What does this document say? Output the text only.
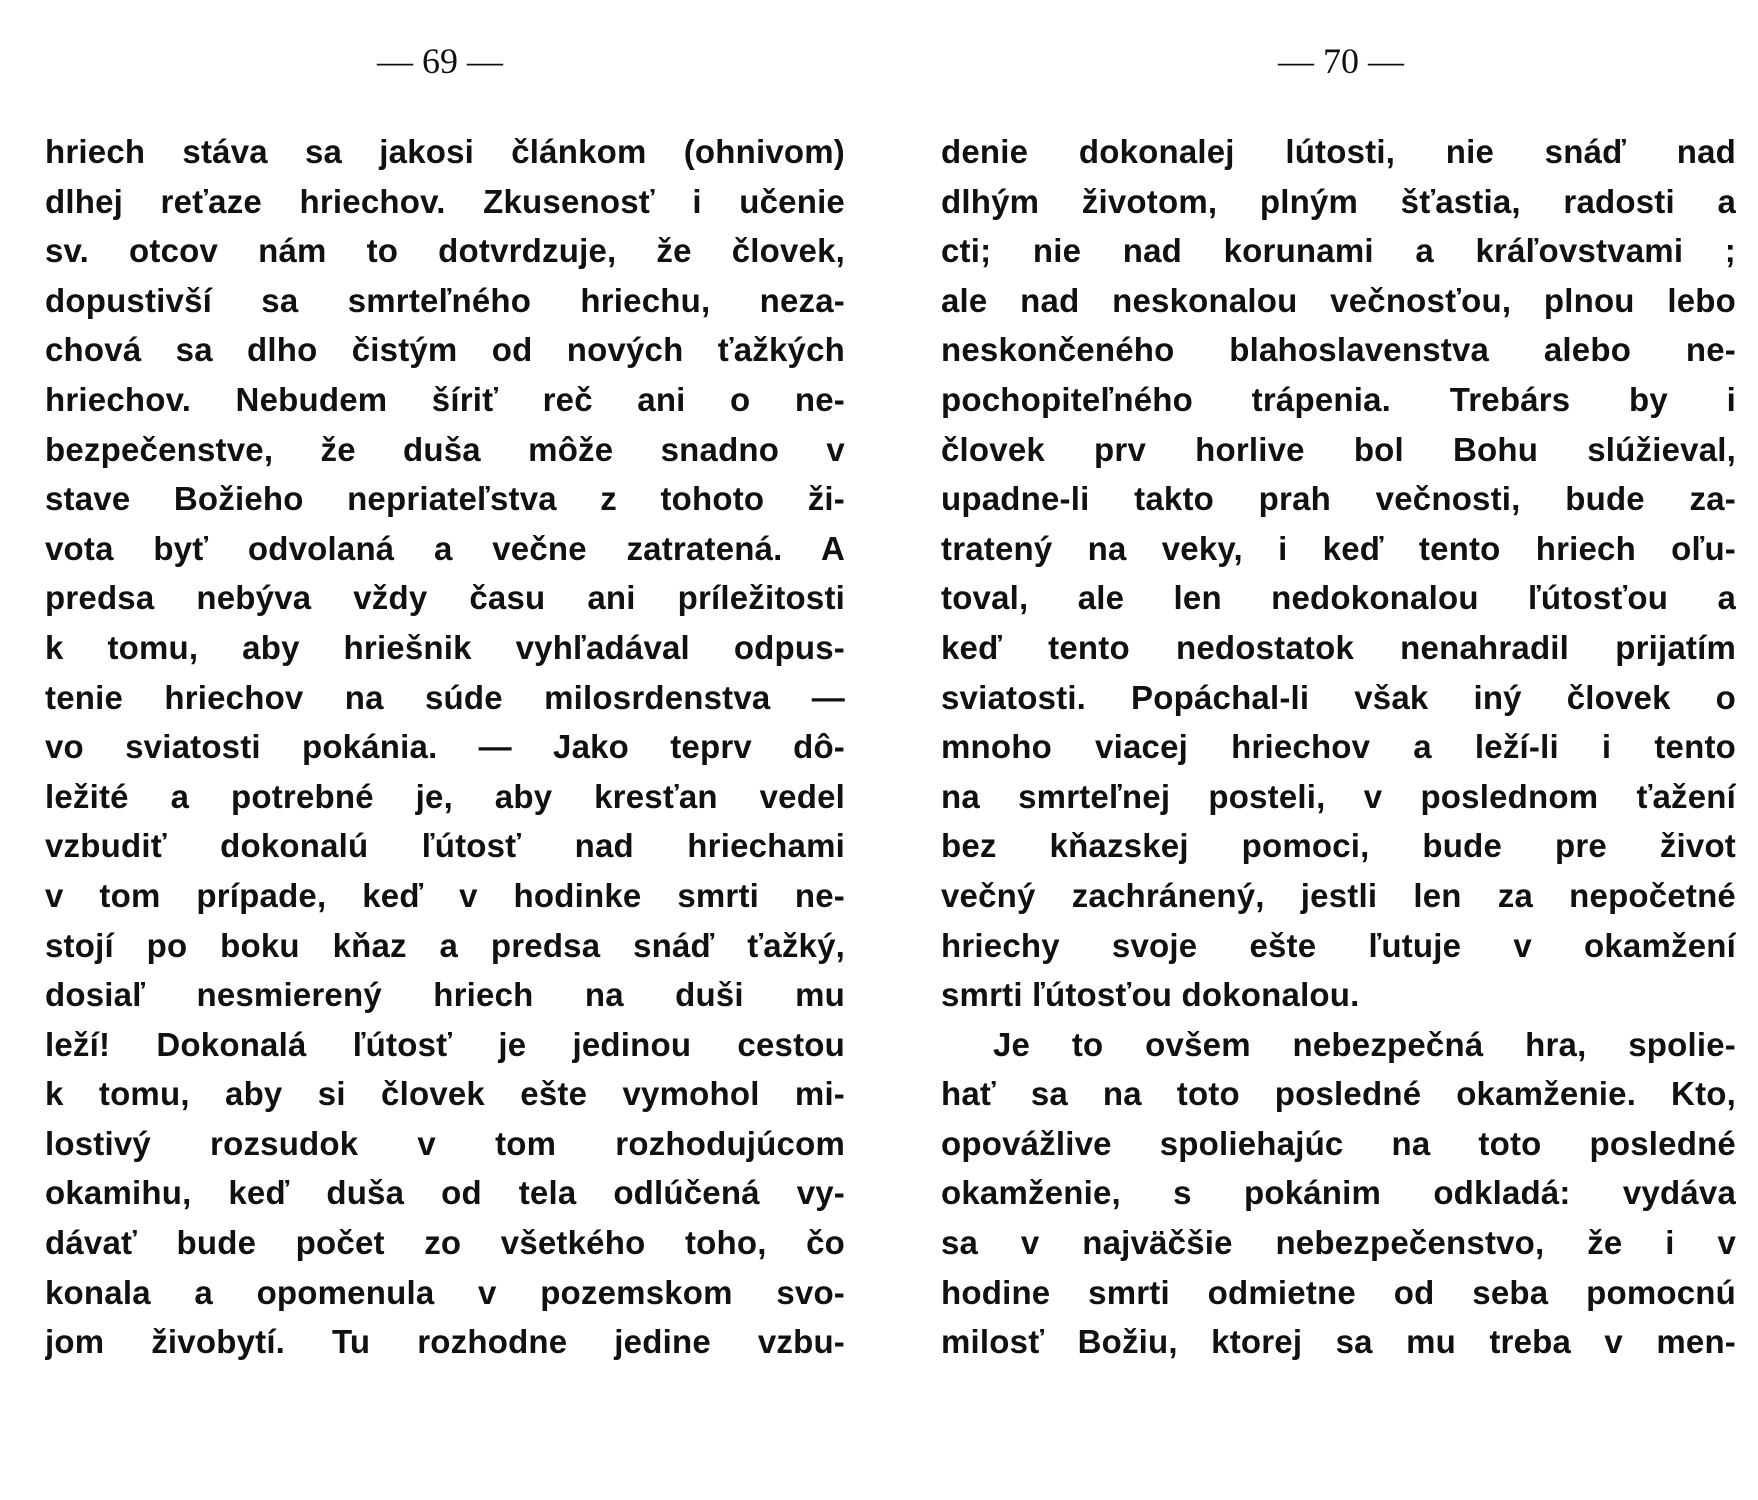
— 69 —	— 70 —
hriech stáva sa jakosi článkom (ohnivom)
dlhej reťaze hriechov. Zkusenosť i učenie
sv. otcov nám to dotvrdzuje, že človek,
dopustivší sa smrteľného hriechu, neza-
chová sa dlho čistým od nových ťažkých
hriechov. Nebudem šíriť reč ani o ne-
bezpečenstve, že duša môže snadno v
stave Božieho nepriateľstva z tohoto ži-
vota byť odvolaná a večne zatratená. A
predsa nebýva vždy času ani príležitosti
k tomu, aby hriešnik vyhľadával odpus-
tenie hriechov na súde milosrdenstva —
vo sviatosti pokánia. — Jako teprv dô-
ležité a potrebné je, aby kresťan vedel
vzbudiť dokonalú ľútosť nad hriechami
v tom prípade, keď v hodinke smrti ne-
stojí po boku kňaz a predsa snáď ťažký,
dosiaľ nesmierený hriech na duši mu
leží! Dokonalá ľútosť je jedinou cestou
k tomu, aby si človek ešte vymohol mi-
lostivý rozsudok v tom rozhodujúcom
okamihu, keď duša od tela odlúčená vy-
dávať bude počet zo všetkého toho, čo
konala a opomenula v pozemskom svo-
jom živobytí. Tu rozhodne jedine vzbu-
denie dokonalej lútosti, nie snáď nad
dlhým životom, plným šťastia, radosti a
cti; nie nad korunami a kráľovstvami ;
ale nad neskonalou večnosťou, plnou lebo
neskončeného blahoslavenstva alebo ne-
pochopiteľného trápenia. Trebárs by i
človek prv horlive bol Bohu slúžieval,
upadne-li takto prah večnosti, bude za-
tratený na veky, i keď tento hriech oľu-
toval, ale len nedokonalou ľútosťou a
keď tento nedostatok nenahradil prijatím
sviatosti. Popáchal-li však iný človek o
mnoho viacej hriechov a leží-li i tento
na smrteľnej posteli, v poslednom ťažení
bez kňazskej pomoci, bude pre život
večný zachránený, jestli len za nepočetné
hriechy svoje ešte ľutuje v okamžení
smrti ľútosťou dokonalou.
Je to ovšem nebezpečná hra, spolie-
hať sa na toto posledné okamženie. Kto,
opovážlive spoliehajúc na toto posledné
okamženie, s pokánim odkladá: vydáva
sa v najväčšie nebezpečenstvo, že i v
hodine smrti odmietne od seba pomocnú
milosť Božiu, ktorej sa mu treba v men-
